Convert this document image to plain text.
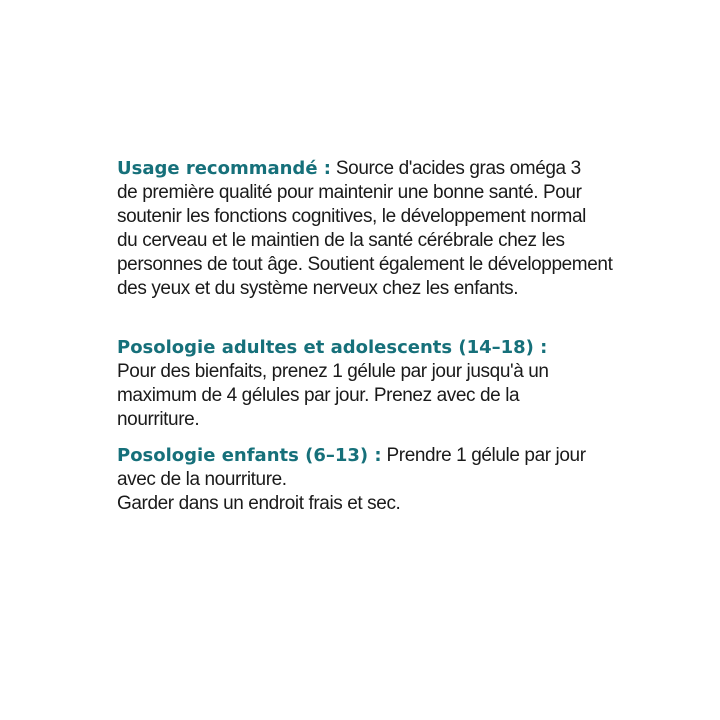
Usage recommandé : Source d'acides gras oméga 3
de première qualité pour maintenir une bonne santé. Pour
soutenir les fonctions cognitives, le développement normal
du cerveau et le maintien de la santé cérébrale chez les
personnes de tout âge. Soutient également le développement
des yeux et du système nerveux chez les enfants.
Posologie adultes et adolescents (14–18) :
Pour des bienfaits, prenez 1 gélule par jour jusqu'à un
maximum de 4 gélules par jour. Prenez avec de la
nourriture.
Posologie enfants (6–13) : Prendre 1 gélule par jour
avec de la nourriture.
Garder dans un endroit frais et sec.
